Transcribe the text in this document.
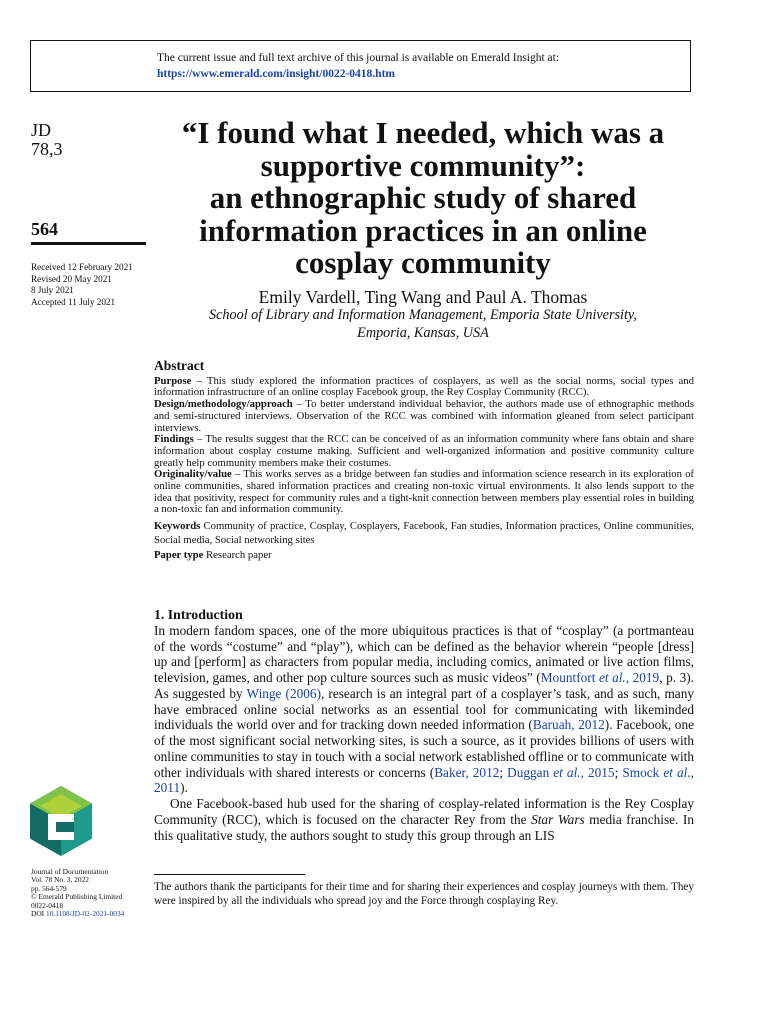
The current issue and full text archive of this journal is available on Emerald Insight at:
https://www.emerald.com/insight/0022-0418.htm
JD
78,3
564
Received 12 February 2021
Revised 20 May 2021
8 July 2021
Accepted 11 July 2021
Journal of Documentation
Vol. 78 No. 3, 2022
pp. 564-579
© Emerald Publishing Limited
0022-0418
DOI 10.1108/JD-02-2021-0034
“I found what I needed, which was a
supportive community”:
an ethnographic study of shared
information practices in an online
cosplay community
Emily Vardell, Ting Wang and Paul A. Thomas
School of Library and Information Management, Emporia State University,
Emporia, Kansas, USA
Abstract

Purpose – This study explored the information practices of cosplayers, as well as the social norms, social types and information infrastructure of an online cosplay Facebook group, the Rey Cosplay Community (RCC).

Design/methodology/approach – To better understand individual behavior, the authors made use of ethnographic methods and semi-structured interviews. Observation of the RCC was combined with information gleaned from select participant interviews.

Findings – The results suggest that the RCC can be conceived of as an information community where fans obtain and share information about cosplay costume making. Sufficient and well-organized information and positive community culture greatly help community members make their costumes.

Originality/value – This works serves as a bridge between fan studies and information science research in its exploration of online communities, shared information practices and creating non-toxic virtual environments. It also lends support to the idea that positivity, respect for community rules and a tight-knit connection between members play essential roles in building a non-toxic fan and information community.

Keywords Community of practice, Cosplay, Cosplayers, Facebook, Fan studies, Information practices, Online communities, Social media, Social networking sites

Paper type Research paper

1. Introduction

In modern fandom spaces, one of the more ubiquitous practices is that of “cosplay” (a portmanteau of the words “costume” and “play”), which can be defined as the behavior wherein “people [dress] up and [perform] as characters from popular media, including comics, animated or live action films, television, games, and other pop culture sources such as music videos” (Mountfort et al., 2019, p. 3). As suggested by Winge (2006), research is an integral part of a cosplayer’s task, and as such, many have embraced online social networks as an essential tool for communicating with likeminded individuals the world over and for tracking down needed information (Baruah, 2012). Facebook, one of the most significant social networking sites, is such a source, as it provides billions of users with online communities to stay in touch with a social network established offline or to communicate with other individuals with shared interests or concerns (Baker, 2012; Duggan et al., 2015; Smock et al., 2011).

One Facebook-based hub used for the sharing of cosplay-related information is the Rey Cosplay Community (RCC), which is focused on the character Rey from the Star Wars media franchise. In this qualitative study, the authors sought to study this group through an LIS

The authors thank the participants for their time and for sharing their experiences and cosplay journeys with them. They were inspired by all the individuals who spread joy and the Force through cosplaying Rey.
